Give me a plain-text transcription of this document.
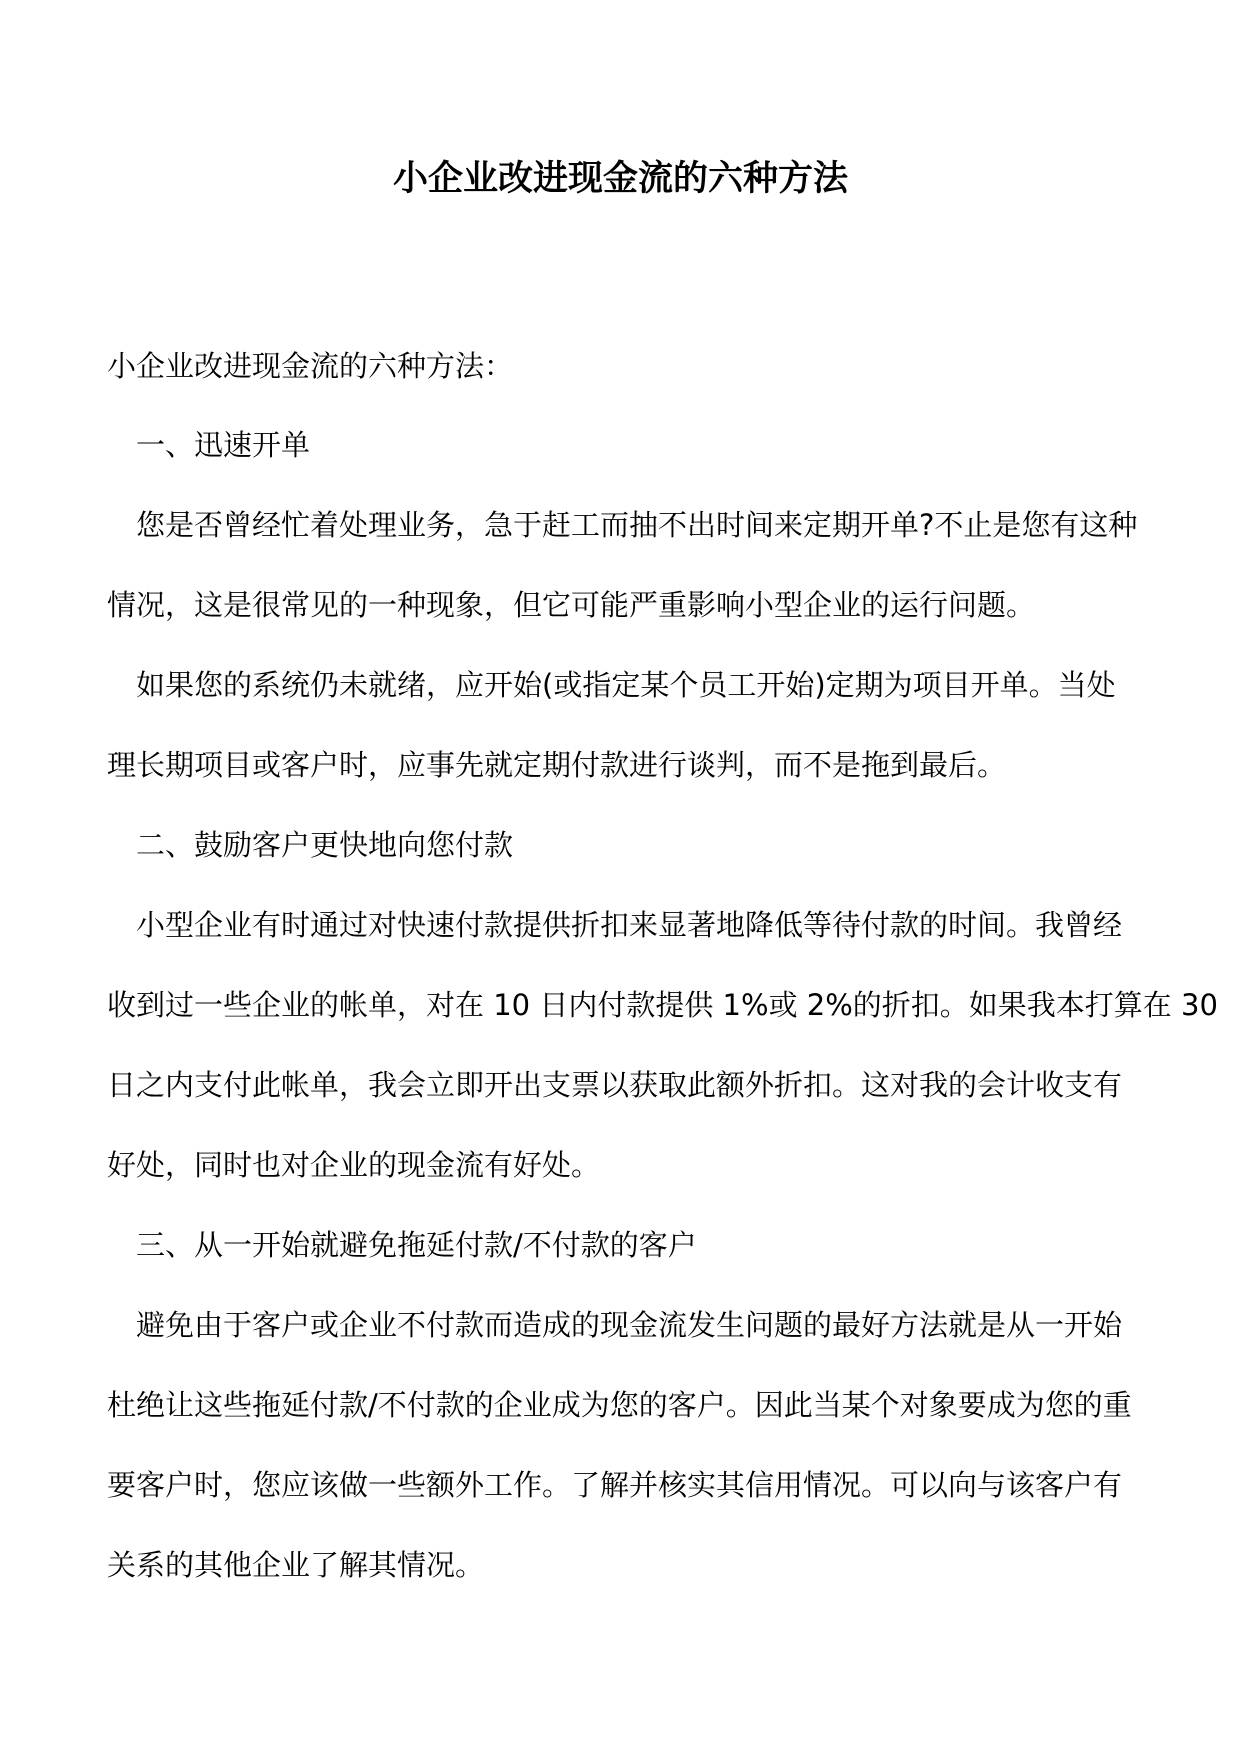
小企业改进现金流的六种方法
小企业改进现金流的六种方法：
一、迅速开单
您是否曾经忙着处理业务，急于赶工而抽不出时间来定期开单?不止是您有这种
情况，这是很常见的一种现象，但它可能严重影响小型企业的运行问题。
如果您的系统仍未就绪，应开始(或指定某个员工开始)定期为项目开单。当处
理长期项目或客户时，应事先就定期付款进行谈判，而不是拖到最后。
二、鼓励客户更快地向您付款
小型企业有时通过对快速付款提供折扣来显著地降低等待付款的时间。我曾经
收到过一些企业的帐单，对在 10 日内付款提供 1%或 2%的折扣。如果我本打算在 30
日之内支付此帐单，我会立即开出支票以获取此额外折扣。这对我的会计收支有
好处，同时也对企业的现金流有好处。
三、从一开始就避免拖延付款/不付款的客户
避免由于客户或企业不付款而造成的现金流发生问题的最好方法就是从一开始
杜绝让这些拖延付款/不付款的企业成为您的客户。因此当某个对象要成为您的重
要客户时，您应该做一些额外工作。了解并核实其信用情况。可以向与该客户有
关系的其他企业了解其情况。
